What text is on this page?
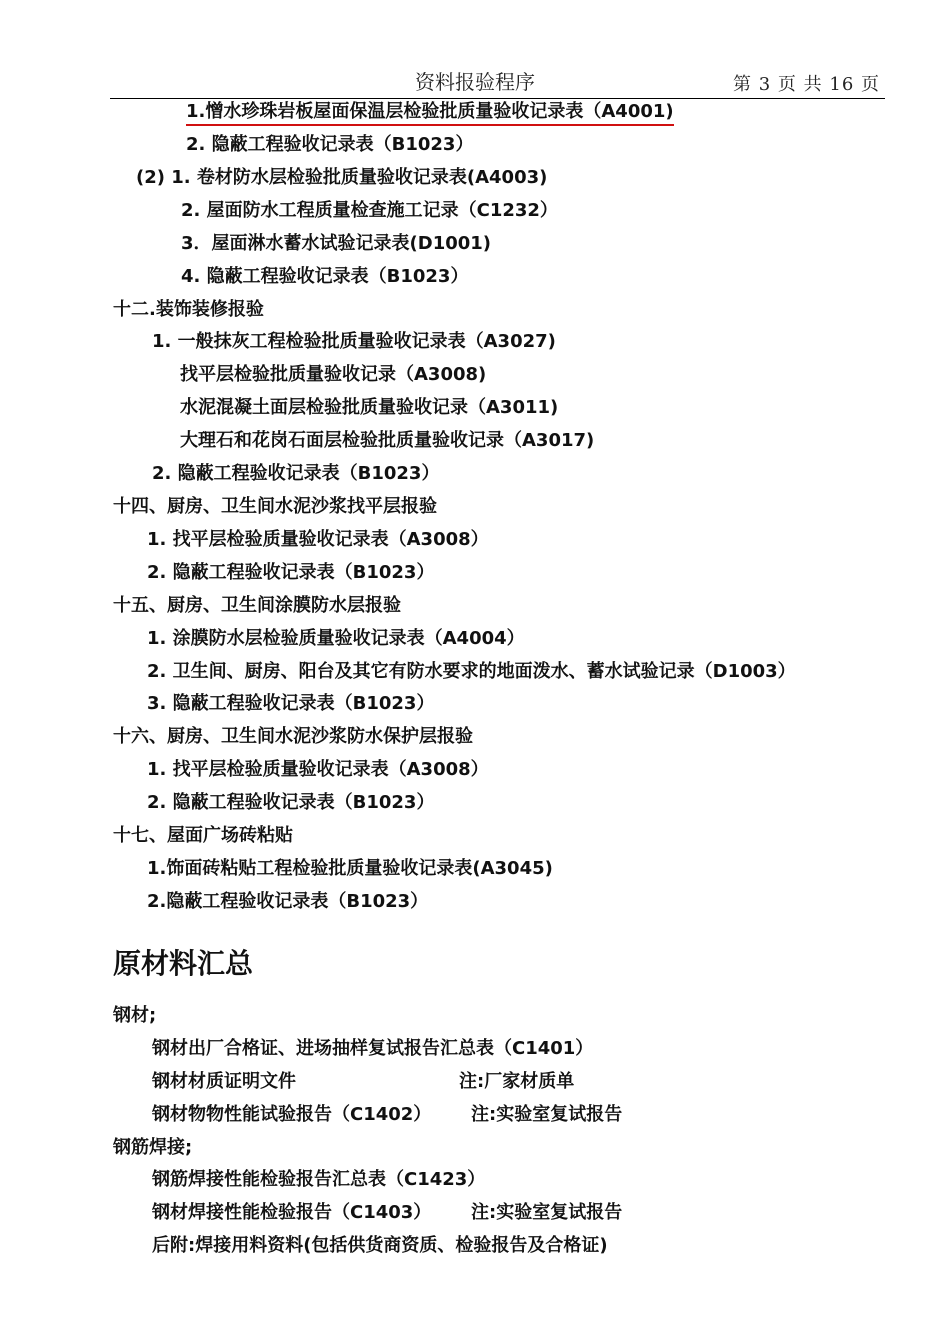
资料报验程序	第 3 页 共 16 页
1.憎水珍珠岩板屋面保温层检验批质量验收记录表（A4001)
2. 隐蔽工程验收记录表（B1023）
(2) 1. 卷材防水层检验批质量验收记录表(A4003)
2. 屋面防水工程质量检查施工记录（C1232）
3．屋面淋水蓄水试验记录表(D1001)
4. 隐蔽工程验收记录表（B1023）
十二.装饰装修报验
1. 一般抹灰工程检验批质量验收记录表（A3027)
找平层检验批质量验收记录（A3008)
水泥混凝土面层检验批质量验收记录（A3011)
大理石和花岗石面层检验批质量验收记录（A3017)
2. 隐蔽工程验收记录表（B1023）
十四、厨房、卫生间水泥沙浆找平层报验
1. 找平层检验质量验收记录表（A3008）
2. 隐蔽工程验收记录表（B1023）
十五、厨房、卫生间涂膜防水层报验
1. 涂膜防水层检验质量验收记录表（A4004）
2. 卫生间、厨房、阳台及其它有防水要求的地面泼水、蓄水试验记录（D1003）
3. 隐蔽工程验收记录表（B1023）
十六、厨房、卫生间水泥沙浆防水保护层报验
1. 找平层检验质量验收记录表（A3008）
2. 隐蔽工程验收记录表（B1023）
十七、屋面广场砖粘贴
1.饰面砖粘贴工程检验批质量验收记录表(A3045)
2.隐蔽工程验收记录表（B1023）
原材料汇总
钢材;
钢材出厂合格证、进场抽样复试报告汇总表（C1401）
钢材材质证明文件	注:厂家材质单
钢材物物性能试验报告（C1402） 注:实验室复试报告
钢筋焊接;
钢筋焊接性能检验报告汇总表（C1423）
钢材焊接性能检验报告（C1403） 注:实验室复试报告
后附:焊接用料资料(包括供货商资质、检验报告及合格证)
